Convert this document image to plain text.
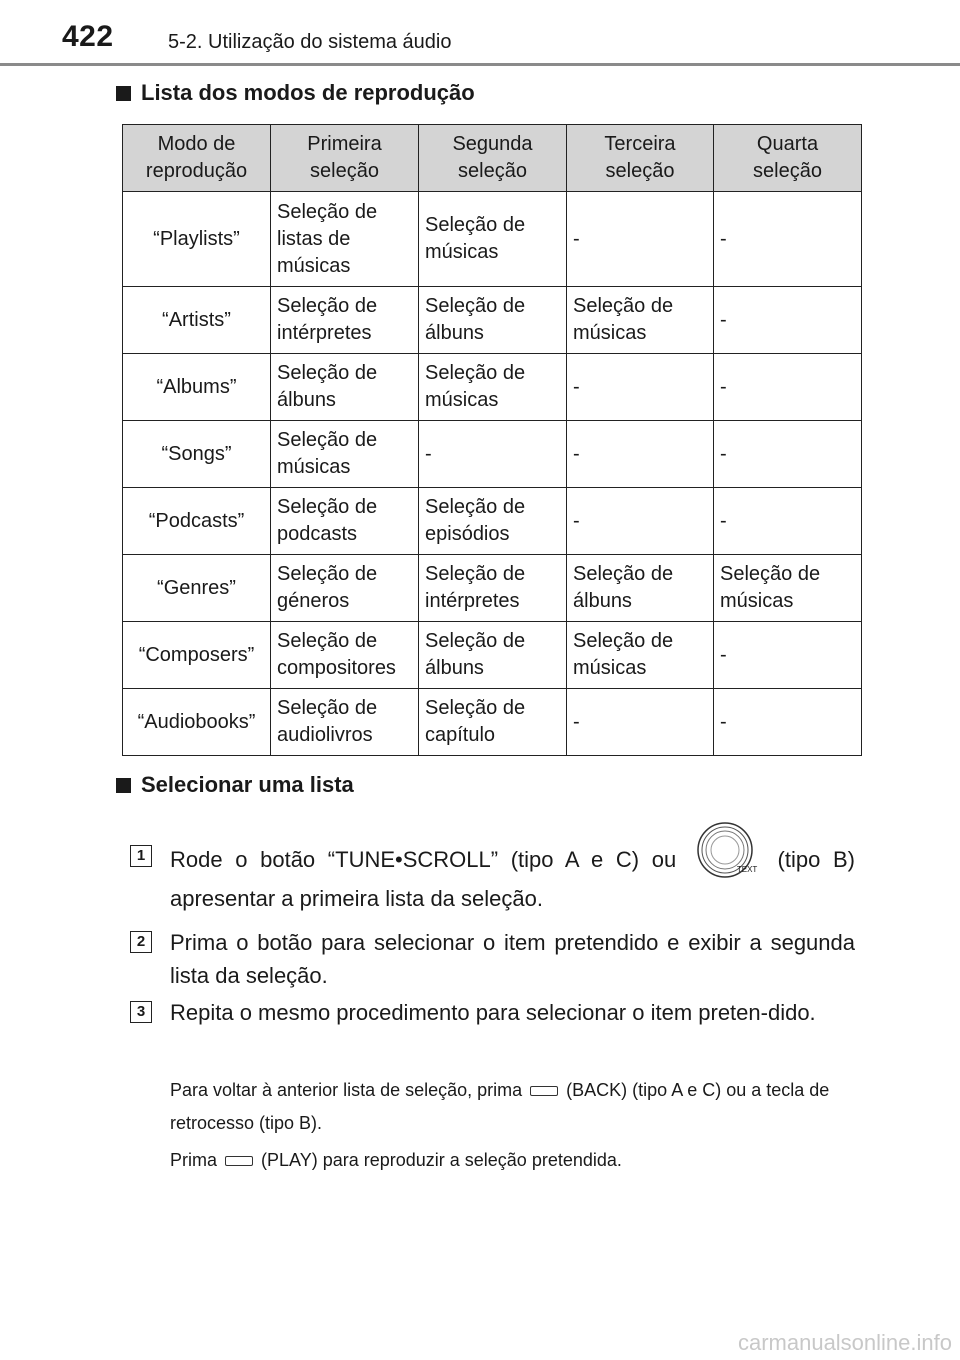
422	5-2. Utilização do sistema áudio
Lista dos modos de reprodução
Modo de reprodução	Primeira seleção	Segunda seleção	Terceira seleção	Quarta seleção
“Playlists”	Seleção de listas de músicas	Seleção de músicas	-	-
“Artists”	Seleção de intérpretes	Seleção de álbuns	Seleção de músicas	-
“Albums”	Seleção de álbuns	Seleção de músicas	-	-
“Songs”	Seleção de músicas	-	-	-
“Podcasts”	Seleção de podcasts	Seleção de episódios	-	-
“Genres”	Seleção de géneros	Seleção de intérpretes	Seleção de álbuns	Seleção de músicas
“Composers”	Seleção de compositores	Seleção de álbuns	Seleção de músicas	-
“Audiobooks”	Seleção de audiolivros	Seleção de capítulo	-	-
Selecionar uma lista
1	Rode o botão “TUNE•SCROLL” (tipo A e C) ou	TEXT (tipo B) apresentar a primeira lista da seleção.
2	Prima o botão para selecionar o item pretendido e exibir a segunda lista da seleção.
3	Repita o mesmo procedimento para selecionar o item preten-dido.
Para voltar à anterior lista de seleção, prima (BACK) (tipo A e C) ou a tecla de retrocesso (tipo B).
Prima (PLAY) para reproduzir a seleção pretendida.
carmanualsonline.info
